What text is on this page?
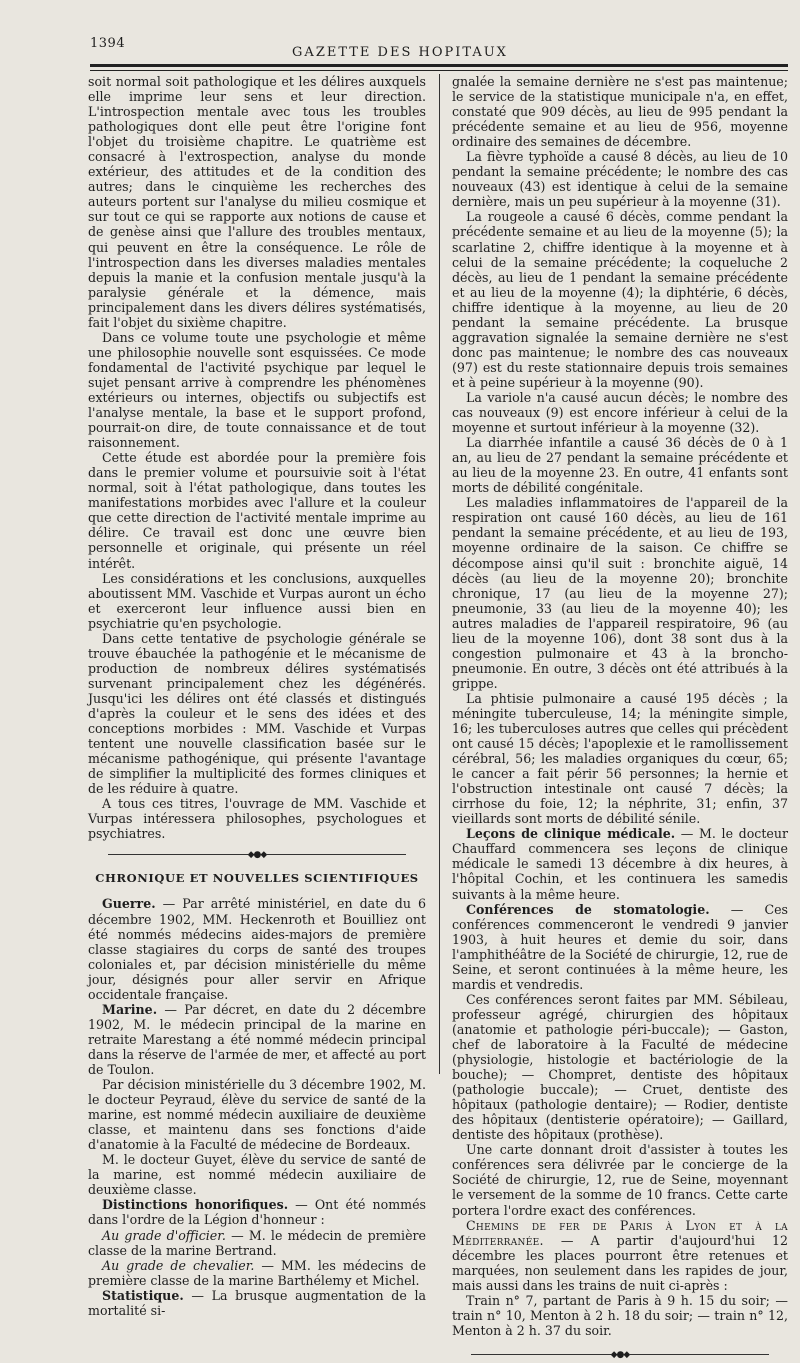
1394
GAZETTE DES HOPITAUX

soit normal soit pathologique et les délires auxquels elle imprime leur sens et leur direction. L'introspection mentale avec tous les troubles pathologiques dont elle peut être l'origine font l'objet du troisième chapitre. Le quatrième est consacré à l'extrospection, analyse du monde extérieur, des attitudes et de la condition des autres; dans le cinquième les recherches des auteurs portent sur l'analyse du milieu cosmique et sur tout ce qui se rapporte aux notions de cause et de genèse ainsi que l'allure des troubles mentaux, qui peuvent en être la conséquence. Le rôle de l'introspection dans les diverses maladies mentales depuis la manie et la confusion mentale jusqu'à la paralysie générale et la démence, mais principalement dans les divers délires systématisés, fait l'objet du sixième chapitre.

Dans ce volume toute une psychologie et même une philosophie nouvelle sont esquissées. Ce mode fondamental de l'activité psychique par lequel le sujet pensant arrive à comprendre les phénomènes extérieurs ou internes, objectifs ou subjectifs est l'analyse mentale, la base et le support profond, pourrait-on dire, de toute connaissance et de tout raisonnement.

Cette étude est abordée pour la première fois dans le premier volume et poursuivie soit à l'état normal, soit à l'état pathologique, dans toutes les manifestations morbides avec l'allure et la couleur que cette direction de l'activité mentale imprime au délire. Ce travail est donc une œuvre bien personnelle et originale, qui présente un réel intérêt.

Les considérations et les conclusions, auxquelles aboutissent MM. Vaschide et Vurpas auront un écho et exerceront leur influence aussi bien en psychiatrie qu'en psychologie.

Dans cette tentative de psychologie générale se trouve ébauchée la pathogénie et le mécanisme de production de nombreux délires systématisés survenant principalement chez les dégénérés. Jusqu'ici les délires ont été classés et distingués d'après la couleur et le sens des idées et des conceptions morbides : MM. Vaschide et Vurpas tentent une nouvelle classification basée sur le mécanisme pathogénique, qui présente l'avantage de simplifier la multiplicité des formes cliniques et de les réduire à quatre.

A tous ces titres, l'ouvrage de MM. Vaschide et Vurpas intéressera philosophes, psychologues et psychiatres.

◆●◆
CHRONIQUE ET NOUVELLES SCIENTIFIQUES

Guerre. — Par arrêté ministériel, en date du 6 décembre 1902, MM. Heckenroth et Bouilliez ont été nommés médecins aides-majors de première classe stagiaires du corps de santé des troupes coloniales et, par décision ministérielle du même jour, désignés pour aller servir en Afrique occidentale française.

Marine. — Par décret, en date du 2 décembre 1902, M. le médecin principal de la marine en retraite Marestang a été nommé médecin principal dans la réserve de l'armée de mer, et affecté au port de Toulon.

Par décision ministérielle du 3 décembre 1902, M. le docteur Peyraud, élève du service de santé de la marine, est nommé médecin auxiliaire de deuxième classe, et maintenu dans ses fonctions d'aide d'anatomie à la Faculté de médecine de Bordeaux.

M. le docteur Guyet, élève du service de santé de la marine, est nommé médecin auxiliaire de deuxième classe.

Distinctions honorifiques. — Ont été nommés dans l'ordre de la Légion d'honneur :

Au grade d'officier. — M. le médecin de première classe de la marine Bertrand.

Au grade de chevalier. — MM. les médecins de première classe de la marine Barthélemy et Michel.

Statistique. — La brusque augmentation de la mortalité si-

gnalée la semaine dernière ne s'est pas maintenue; le service de la statistique municipale n'a, en effet, constaté que 909 décès, au lieu de 995 pendant la précédente semaine et au lieu de 956, moyenne ordinaire des semaines de décembre.

La fièvre typhoïde a causé 8 décès, au lieu de 10 pendant la semaine précédente; le nombre des cas nouveaux (43) est identique à celui de la semaine dernière, mais un peu supérieur à la moyenne (31).

La rougeole a causé 6 décès, comme pendant la précédente semaine et au lieu de la moyenne (5); la scarlatine 2, chiffre identique à la moyenne et à celui de la semaine précédente; la coqueluche 2 décès, au lieu de 1 pendant la semaine précédente et au lieu de la moyenne (4); la diphtérie, 6 décès, chiffre identique à la moyenne, au lieu de 20 pendant la semaine précédente. La brusque aggravation signalée la semaine dernière ne s'est donc pas maintenue; le nombre des cas nouveaux (97) est du reste stationnaire depuis trois semaines et à peine supérieur à la moyenne (90).

La variole n'a causé aucun décès; le nombre des cas nouveaux (9) est encore inférieur à celui de la moyenne et surtout inférieur à la moyenne (32).

La diarrhée infantile a causé 36 décès de 0 à 1 an, au lieu de 27 pendant la semaine précédente et au lieu de la moyenne 23. En outre, 41 enfants sont morts de débilité congénitale.

Les maladies inflammatoires de l'appareil de la respiration ont causé 160 décès, au lieu de 161 pendant la semaine précédente, et au lieu de 193, moyenne ordinaire de la saison. Ce chiffre se décompose ainsi qu'il suit : bronchite aiguë, 14 décès (au lieu de la moyenne 20); bronchite chronique, 17 (au lieu de la moyenne 27); pneumonie, 33 (au lieu de la moyenne 40); les autres maladies de l'appareil respiratoire, 96 (au lieu de la moyenne 106), dont 38 sont dus à la congestion pulmonaire et 43 à la broncho-pneumonie. En outre, 3 décès ont été attribués à la grippe.

La phtisie pulmonaire a causé 195 décès ; la méningite tuberculeuse, 14; la méningite simple, 16; les tuberculoses autres que celles qui précèdent ont causé 15 décès; l'apoplexie et le ramollissement cérébral, 56; les maladies organiques du cœur, 65; le cancer a fait périr 56 personnes; la hernie et l'obstruction intestinale ont causé 7 décès; la cirrhose du foie, 12; la néphrite, 31; enfin, 37 vieillards sont morts de débilité sénile.

Leçons de clinique médicale. — M. le docteur Chauffard commencera ses leçons de clinique médicale le samedi 13 décembre à dix heures, à l'hôpital Cochin, et les continuera les samedis suivants à la même heure.

Conférences de stomatologie. — Ces conférences commenceront le vendredi 9 janvier 1903, à huit heures et demie du soir, dans l'amphithéâtre de la Société de chirurgie, 12, rue de Seine, et seront continuées à la même heure, les mardis et vendredis.

Ces conférences seront faites par MM. Sébileau, professeur agrégé, chirurgien des hôpitaux (anatomie et pathologie péri-buccale); — Gaston, chef de laboratoire à la Faculté de médecine (physiologie, histologie et bactériologie de la bouche); — Chompret, dentiste des hôpitaux (pathologie buccale); — Cruet, dentiste des hôpitaux (pathologie dentaire); — Rodier, dentiste des hôpitaux (dentisterie opératoire); — Gaillard, dentiste des hôpitaux (prothèse).

Une carte donnant droit d'assister à toutes les conférences sera délivrée par le concierge de la Société de chirurgie, 12, rue de Seine, moyennant le versement de la somme de 10 francs. Cette carte portera l'ordre exact des conférences.

Chemins de fer de Paris à Lyon et à la Méditerranée. — A partir d'aujourd'hui 12 décembre les places pourront être retenues et marquées, non seulement dans les rapides de jour, mais aussi dans les trains de nuit ci-après :

Train n° 7, partant de Paris à 9 h. 15 du soir; — train n° 10, Menton à 2 h. 18 du soir; — train n° 12, Menton à 2 h. 37 du soir.

◆●◆
